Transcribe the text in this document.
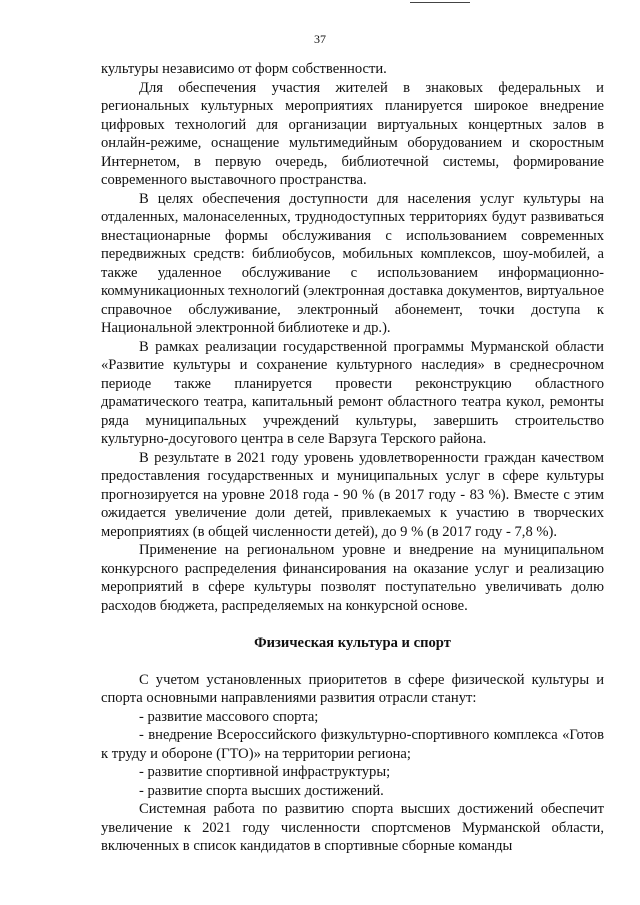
37

культуры независимо от форм собственности.

Для обеспечения участия жителей в знаковых федеральных и региональных культурных мероприятиях планируется широкое внедрение цифровых технологий для организации виртуальных концертных залов в онлайн-режиме, оснащение мультимедийным оборудованием и скоростным Интернетом, в первую очередь, библиотечной системы, формирование современного выставочного пространства.

В целях обеспечения доступности для населения услуг культуры на отдаленных, малонаселенных, труднодоступных территориях будут развиваться внестационарные формы обслуживания с использованием современных передвижных средств: библиобусов, мобильных комплексов, шоу-мобилей, а также удаленное обслуживание с использованием информационно-коммуникационных технологий (электронная доставка документов, виртуальное справочное обслуживание, электронный абонемент, точки доступа к Национальной электронной библиотеке и др.).

В рамках реализации государственной программы Мурманской области «Развитие культуры и сохранение культурного наследия» в среднесрочном периоде также планируется провести реконструкцию областного драматического театра, капитальный ремонт областного театра кукол, ремонты ряда муниципальных учреждений культуры, завершить строительство культурно-досугового центра в селе Варзуга Терского района.

В результате в 2021 году уровень удовлетворенности граждан качеством предоставления государственных и муниципальных услуг в сфере культуры прогнозируется на уровне 2018 года - 90 % (в 2017 году - 83 %). Вместе с этим ожидается увеличение доли детей, привлекаемых к участию в творческих мероприятиях (в общей численности детей), до 9 % (в 2017 году - 7,8 %).

Применение на региональном уровне и внедрение на муниципальном конкурсного распределения финансирования на оказание услуг и реализацию мероприятий в сфере культуры позволят поступательно увеличивать долю расходов бюджета, распределяемых на конкурсной основе.

Физическая культура и спорт

С учетом установленных приоритетов в сфере физической культуры и спорта основными направлениями развития отрасли станут:

- развитие массового спорта;

- внедрение Всероссийского физкультурно-спортивного комплекса «Готов к труду и обороне (ГТО)» на территории региона;

- развитие спортивной инфраструктуры;

- развитие спорта высших достижений.

Системная работа по развитию спорта высших достижений обеспечит увеличение к 2021 году численности спортсменов Мурманской области, включенных в список кандидатов в спортивные сборные команды
